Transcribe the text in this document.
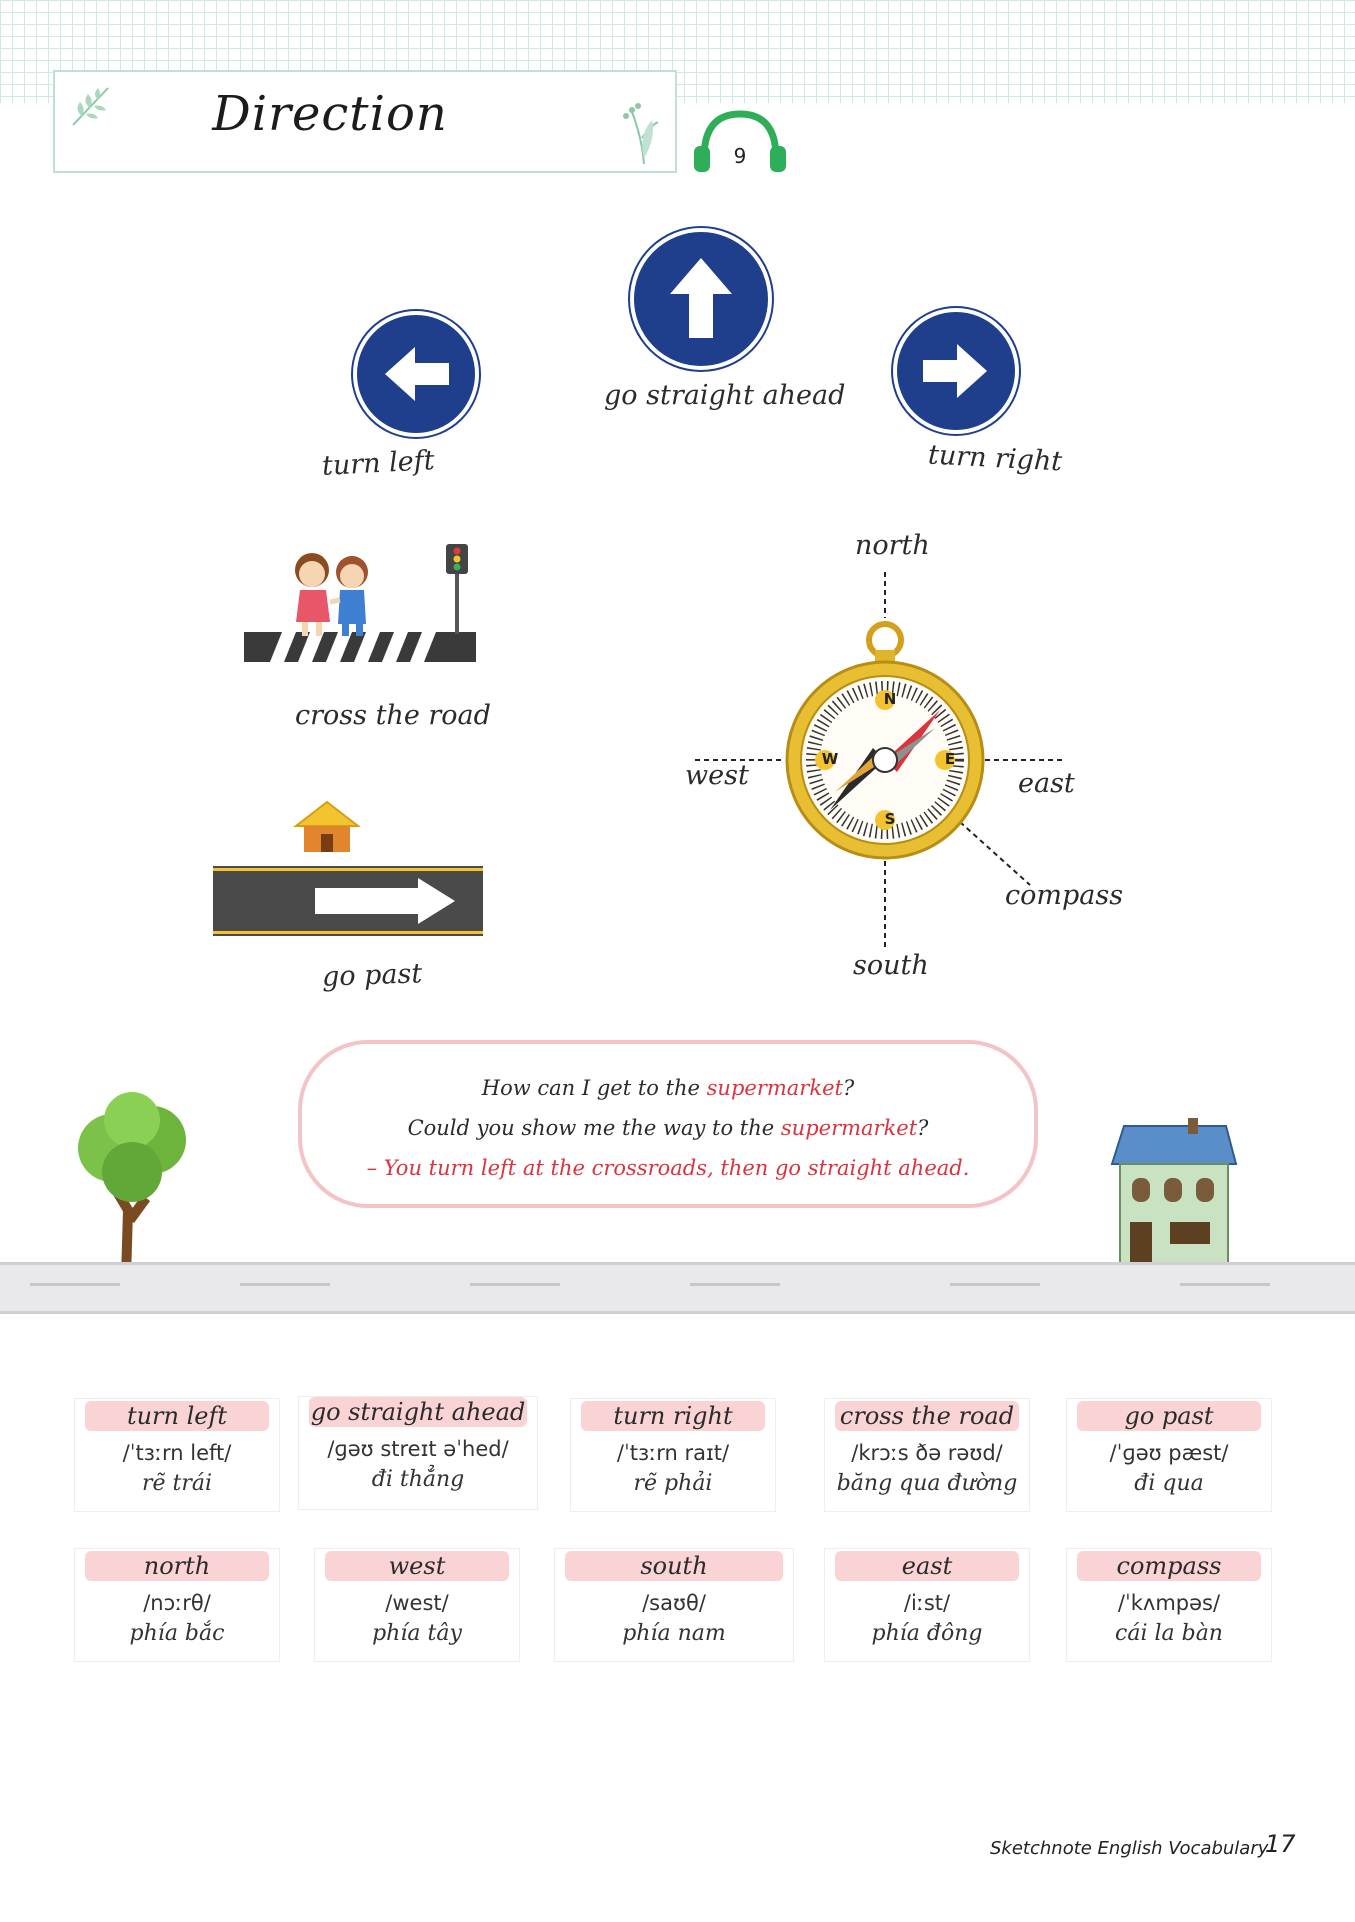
Direction
9
turn left
go straight ahead
turn right
cross the road
go past
N
E
S
W
north
south
west	east
compass
How can I get to the supermarket?
Could you show me the way to the supermarket?
– You turn left at the crossroads, then go straight ahead.
turn left
/ˈtɜːrn left/
rẽ trái
go straight ahead
/ɡəʊ streɪt əˈhed/
đi thẳng
turn right
/ˈtɜːrn raɪt/
rẽ phải
cross the road
/krɔːs ðə rəʊd/
băng qua đường
go past
/ˈɡəʊ pæst/
đi qua
north
/nɔːrθ/
phía bắc
west
/west/
phía tây
south
/saʊθ/
phía nam
east
/iːst/
phía đông
compass
/ˈkʌmpəs/
cái la bàn
Sketchnote English Vocabulary
17
